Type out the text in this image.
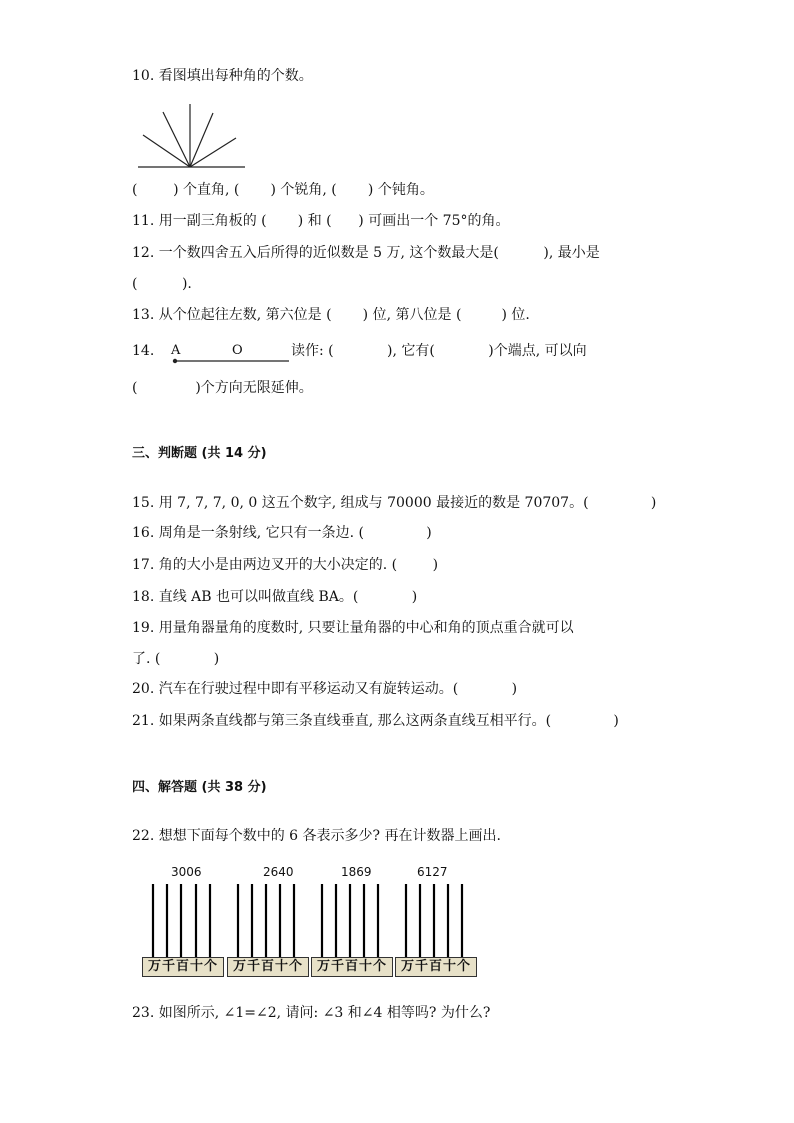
10. 看图填出每种角的个数。
(        ) 个直角, (       ) 个锐角, (       ) 个钝角。
11. 用一副三角板的 (       ) 和 (      ) 可画出一个 75°的角。
12. 一个数四舍五入后所得的近似数是 5 万, 这个数最大是(          ), 最小是
(          ).
13. 从个位起往左数, 第六位是 (       ) 位, 第八位是 (         ) 位.
14. A	O	读作: (            ), 它有(            )个端点, 可以向
(             )个方向无限延伸。
三、判断题 (共 14 分)
15. 用 7, 7, 7, 0, 0 这五个数字, 组成与 70000 最接近的数是 70707。(              )
16. 周角是一条射线, 它只有一条边. (              )
17. 角的大小是由两边叉开的大小决定的. (        )
18. 直线 AB 也可以叫做直线 BA。(            )
19. 用量角器量角的度数时, 只要让量角器的中心和角的顶点重合就可以
了. (            )
20. 汽车在行驶过程中即有平移运动又有旋转运动。(            )
21. 如果两条直线都与第三条直线垂直, 那么这两条直线互相平行。(              )
四、解答题 (共 38 分)
22. 想想下面每个数中的 6 各表示多少? 再在计数器上画出.
3006	2640	1869	6127
万千百十个	万千百十个	万千百十个	万千百十个
23. 如图所示, ∠1=∠2, 请问: ∠3 和∠4 相等吗? 为什么?
